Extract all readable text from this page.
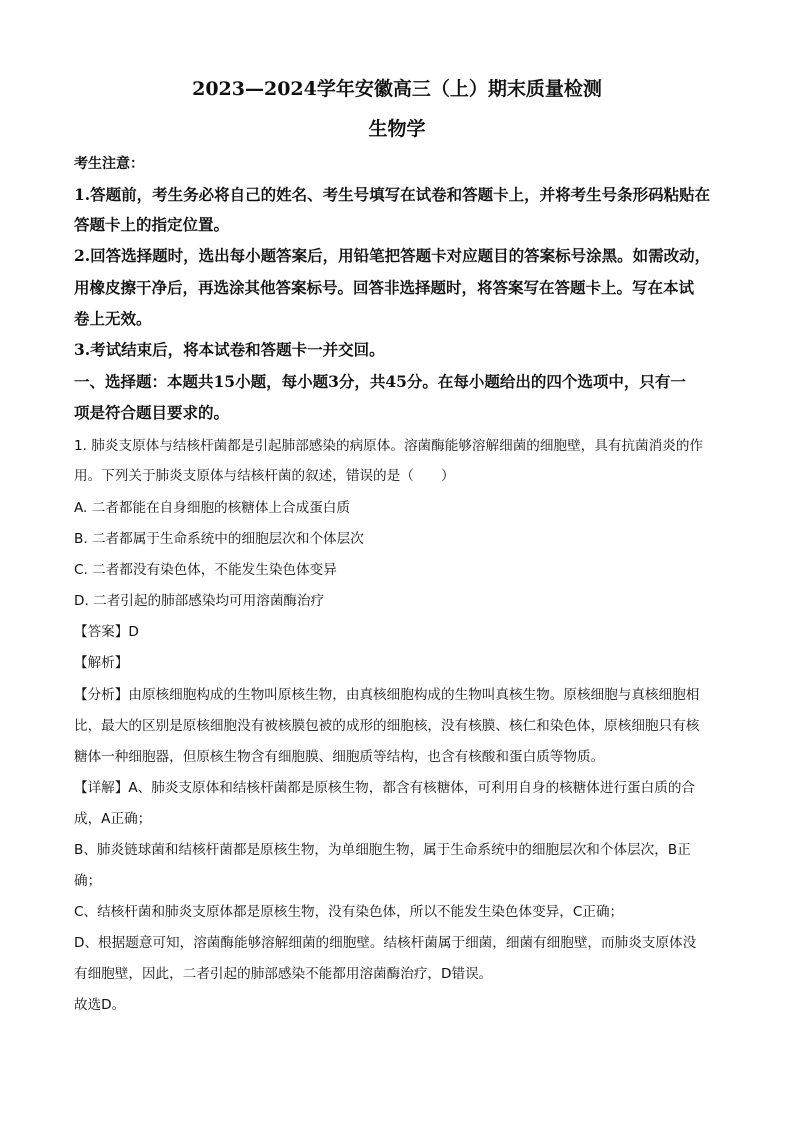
2023—2024学年安徽高三（上）期末质量检测
生物学
考生注意：
1.答题前，考生务必将自己的姓名、考生号填写在试卷和答题卡上，并将考生号条形码粘贴在
答题卡上的指定位置。
2.回答选择题时，选出每小题答案后，用铅笔把答题卡对应题目的答案标号涂黑。如需改动，
用橡皮擦干净后，再选涂其他答案标号。回答非选择题时，将答案写在答题卡上。写在本试
卷上无效。
3.考试结束后，将本试卷和答题卡一并交回。
一、选择题：本题共15小题，每小题3分，共45分。在每小题给出的四个选项中，只有一
项是符合题目要求的。
1. 肺炎支原体与结核杆菌都是引起肺部感染的病原体。溶菌酶能够溶解细菌的细胞壁，具有抗菌消炎的作
用。下列关于肺炎支原体与结核杆菌的叙述，错误的是（　　）
A. 二者都能在自身细胞的核糖体上合成蛋白质
B. 二者都属于生命系统中的细胞层次和个体层次
C. 二者都没有染色体，不能发生染色体变异
D. 二者引起的肺部感染均可用溶菌酶治疗
【答案】D
【解析】
【分析】由原核细胞构成的生物叫原核生物，由真核细胞构成的生物叫真核生物。原核细胞与真核细胞相
比，最大的区别是原核细胞没有被核膜包被的成形的细胞核，没有核膜、核仁和染色体，原核细胞只有核
糖体一种细胞器，但原核生物含有细胞膜、细胞质等结构，也含有核酸和蛋白质等物质。
【详解】A、肺炎支原体和结核杆菌都是原核生物，都含有核糖体，可利用自身的核糖体进行蛋白质的合
成，A正确；
B、肺炎链球菌和结核杆菌都是原核生物，为单细胞生物，属于生命系统中的细胞层次和个体层次，B正
确；
C、结核杆菌和肺炎支原体都是原核生物，没有染色体，所以不能发生染色体变异，C正确；
D、根据题意可知，溶菌酶能够溶解细菌的细胞壁。结核杆菌属于细菌，细菌有细胞壁，而肺炎支原体没
有细胞壁，因此，二者引起的肺部感染不能都用溶菌酶治疗，D错误。
故选D。
